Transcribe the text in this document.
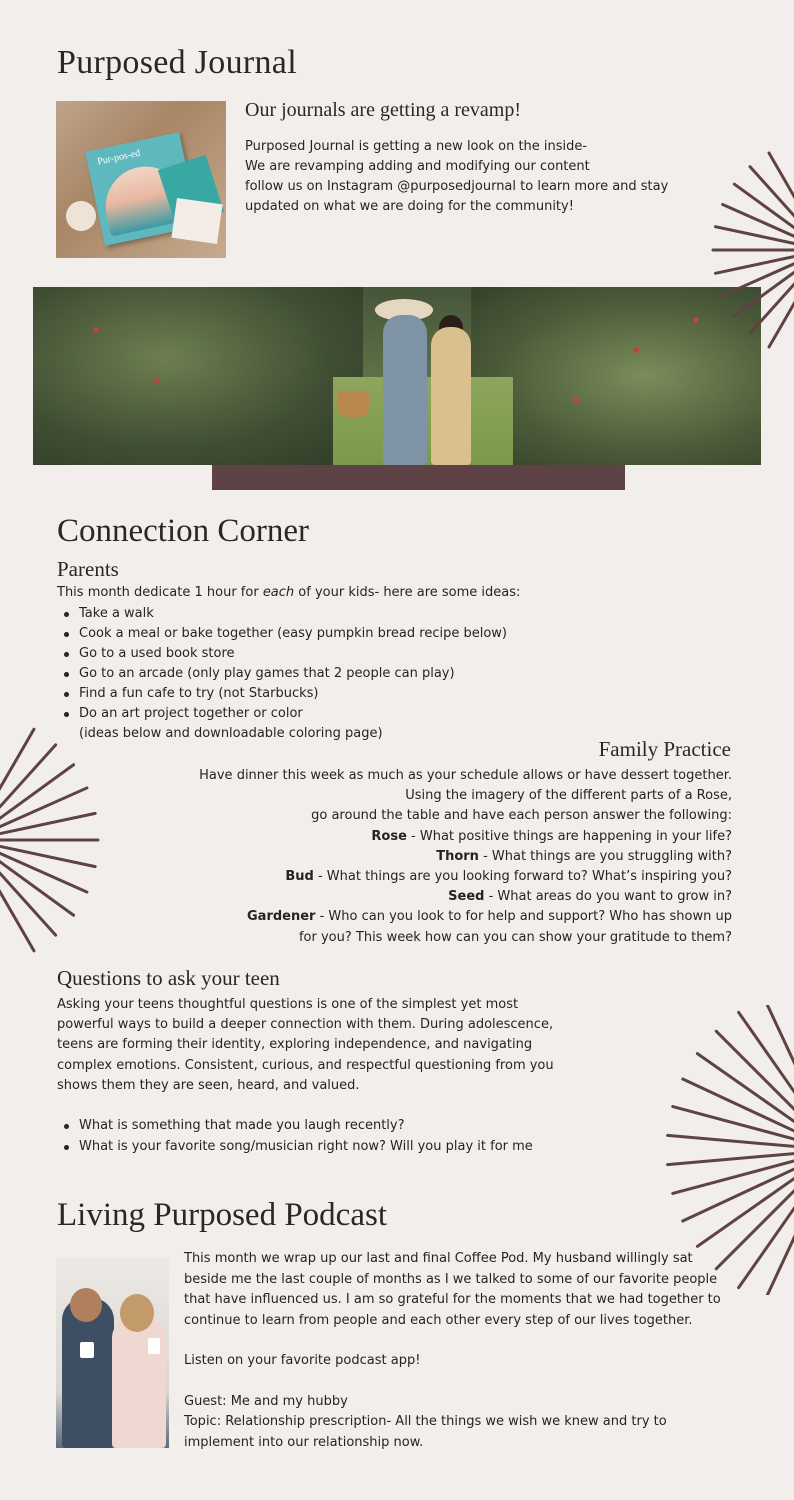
Purposed Journal
Pur-pos-ed
Our journals are getting a revamp!
Purposed Journal is getting a new look on the inside-
We are revamping adding and modifying our content
follow us on Instagram @purposedjournal to learn more and stay
updated on what we are doing for the community!
Connection Corner
Parents

This month dedicate 1 hour for each of your kids- here are some ideas:

Take a walk
Cook a meal or bake together (easy pumpkin bread recipe below)
Go to a used book store
Go to an arcade (only play games that 2 people can play)
Find a fun cafe to try (not Starbucks)
Do an art project together or color
(ideas below and downloadable coloring page)
Family Practice
Have dinner this week as much as your schedule allows or have dessert together.
Using the imagery of the different parts of a Rose,
go around the table and have each person answer the following:
Rose - What positive things are happening in your life?
Thorn - What things are you struggling with?
Bud - What things are you looking forward to? What’s inspiring you?
Seed - What areas do you want to grow in?
Gardener - Who can you look to for help and support? Who has shown up
for you? This week how can you can show your gratitude to them?
Questions to ask your teen
Asking your teens thoughtful questions is one of the simplest yet most
powerful ways to build a deeper connection with them. During adolescence,
teens are forming their identity, exploring independence, and navigating
complex emotions. Consistent, curious, and respectful questioning from you
shows them they are seen, heard, and valued.
What is something that made you laugh recently?
What is your favorite song/musician right now? Will you play it for me
Living Purposed Podcast

This month we wrap up our last and final Coffee Pod. My husband willingly sat
beside me the last couple of months as I we talked to some of our favorite people
that have influenced us. I am so grateful for the moments that we had together to
continue to learn from people and each other every step of our lives together.

Listen on your favorite podcast app!

Guest: Me and my hubby

Topic: Relationship prescription- All the things we wish we knew and try to
implement into our relationship now.
